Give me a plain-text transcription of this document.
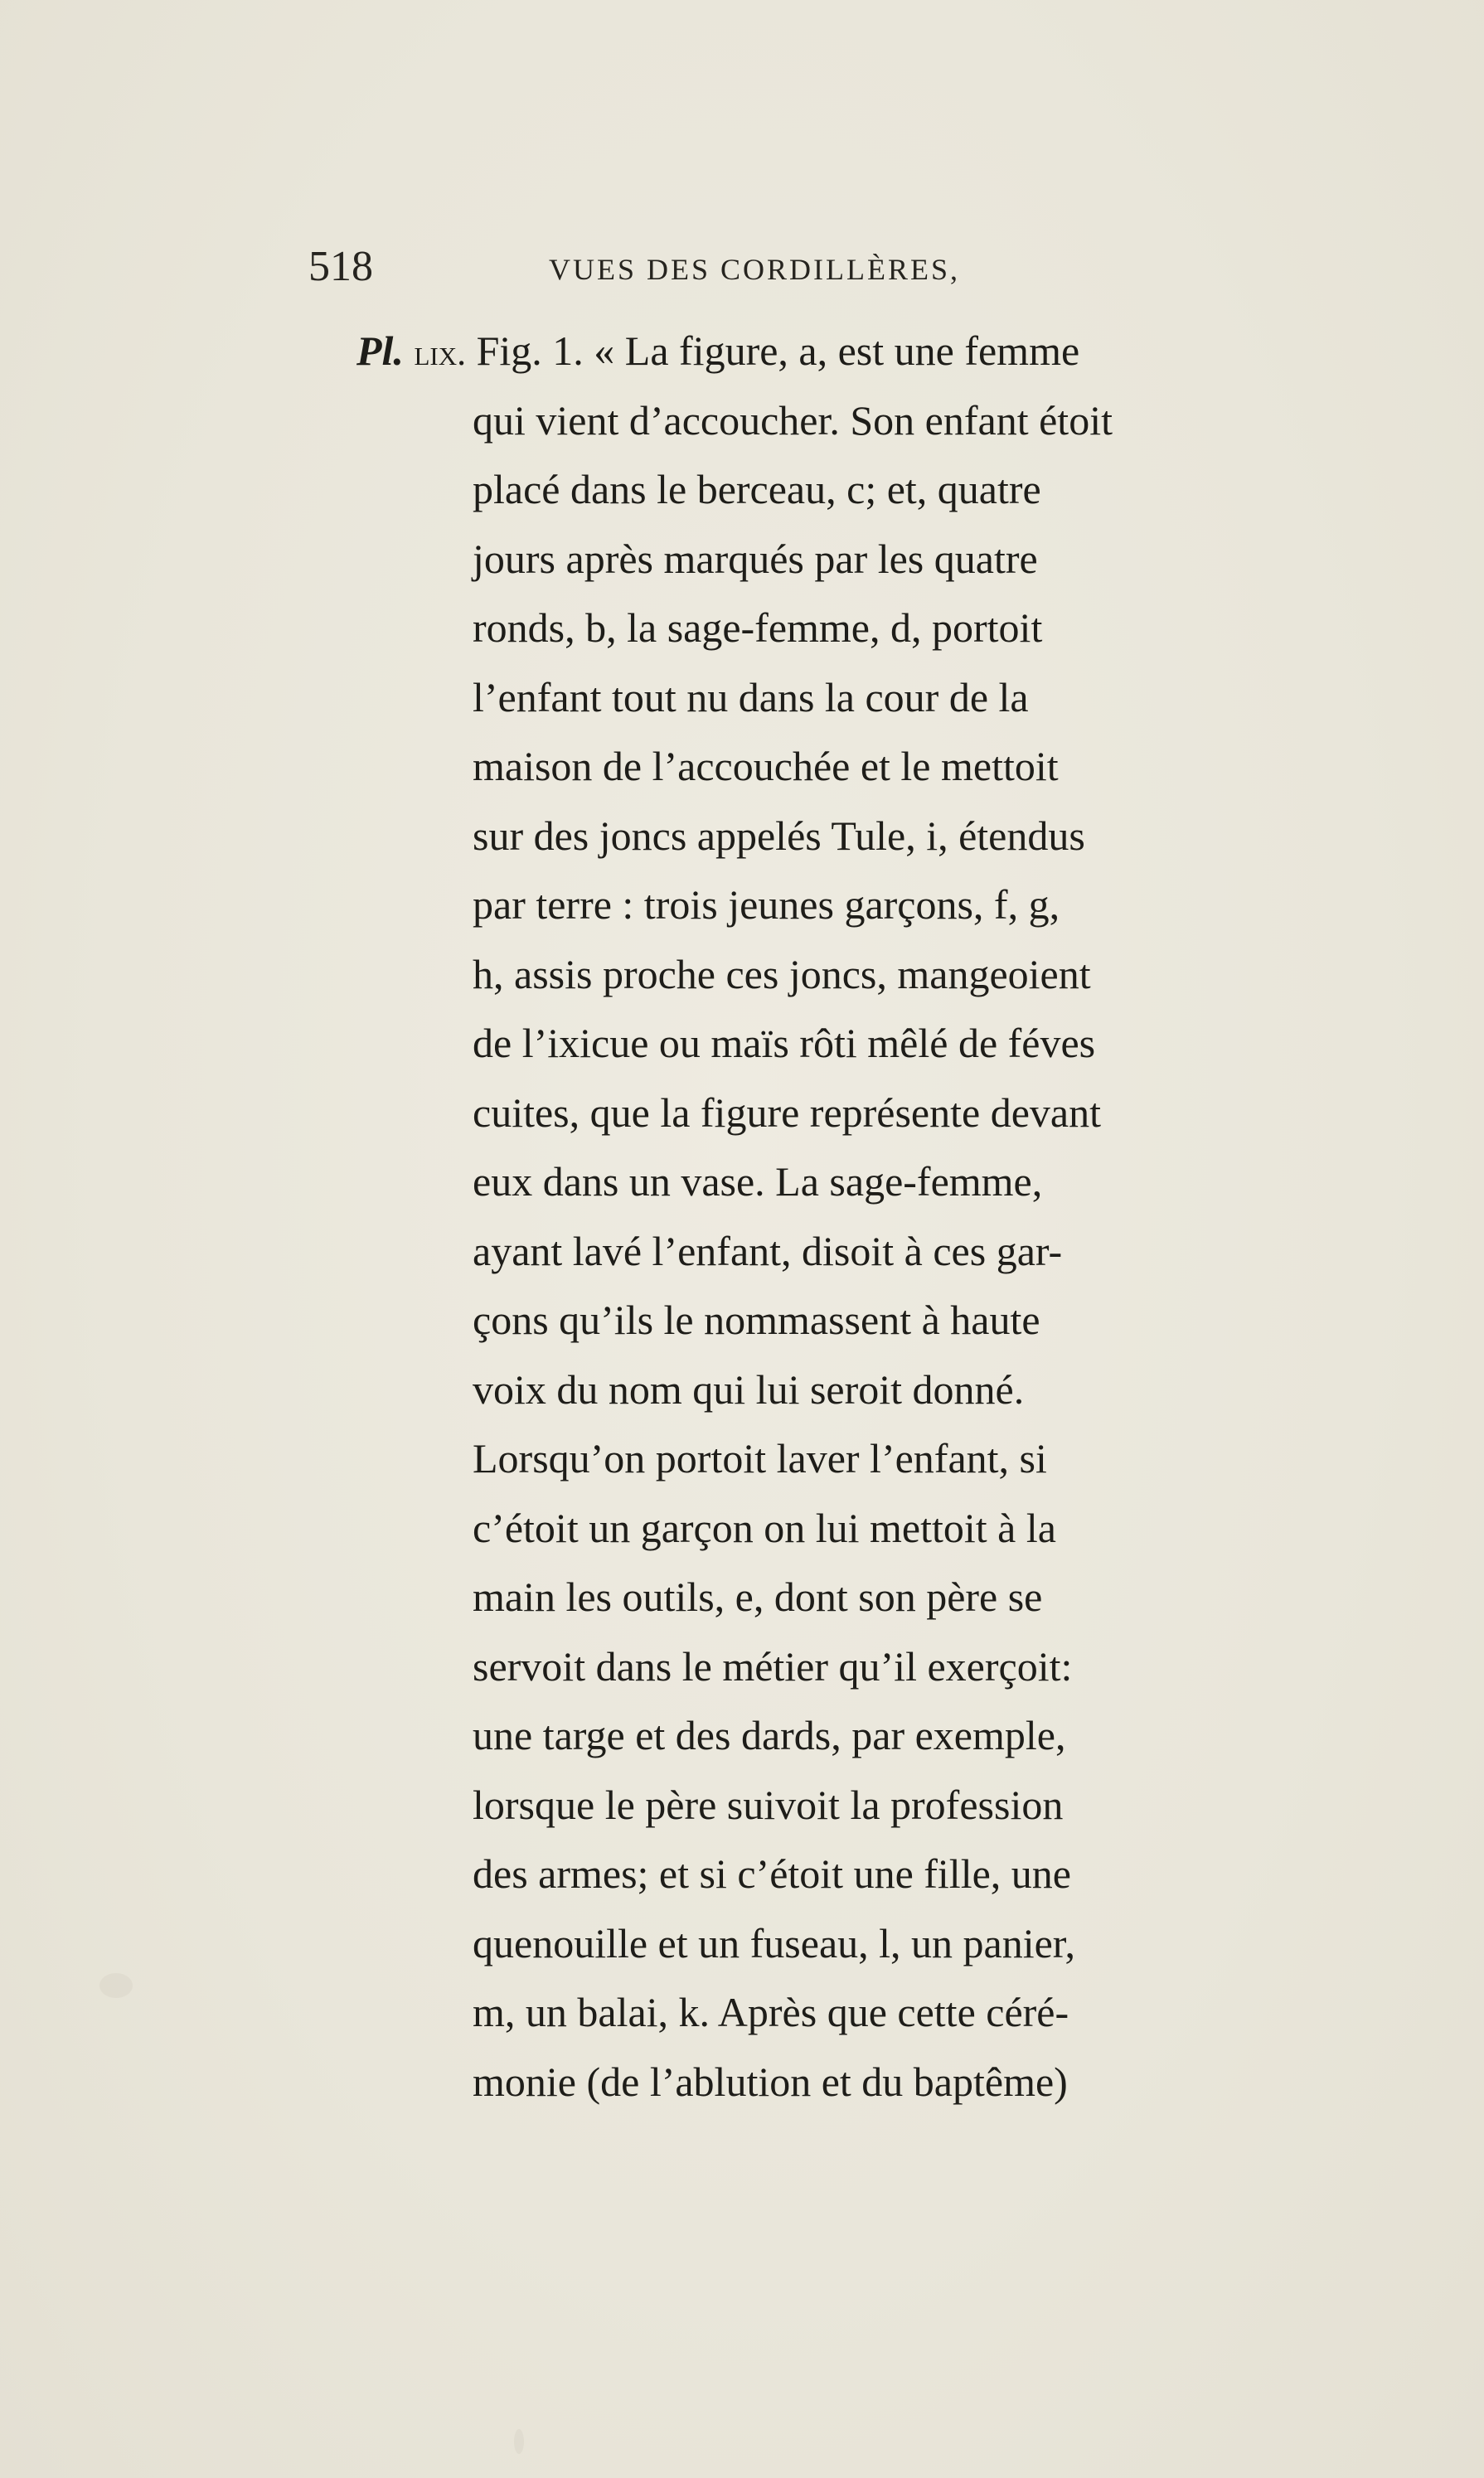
518	VUES DES CORDILLÈRES,
Pl. lix. Fig. 1. « La figure, a, est une femme
qui vient d’accoucher. Son enfant étoit
placé dans le berceau, c; et, quatre
jours après marqués par les quatre
ronds, b, la sage-femme, d, portoit
l’enfant tout nu dans la cour de la
maison de l’accouchée et le mettoit
sur des joncs appelés Tule, i, étendus
par terre : trois jeunes garçons, f, g,
h, assis proche ces joncs, mangeoient
de l’ixicue ou maïs rôti mêlé de féves
cuites, que la figure représente devant
eux dans un vase. La sage-femme,
ayant lavé l’enfant, disoit à ces gar-
çons qu’ils le nommassent à haute
voix du nom qui lui seroit donné.
Lorsqu’on portoit laver l’enfant, si
c’étoit un garçon on lui mettoit à la
main les outils, e, dont son père se
servoit dans le métier qu’il exerçoit:
une targe et des dards, par exemple,
lorsque le père suivoit la profession
des armes; et si c’étoit une fille, une
quenouille et un fuseau, l, un panier,
m, un balai, k. Après que cette céré-
monie (de l’ablution et du baptême)
